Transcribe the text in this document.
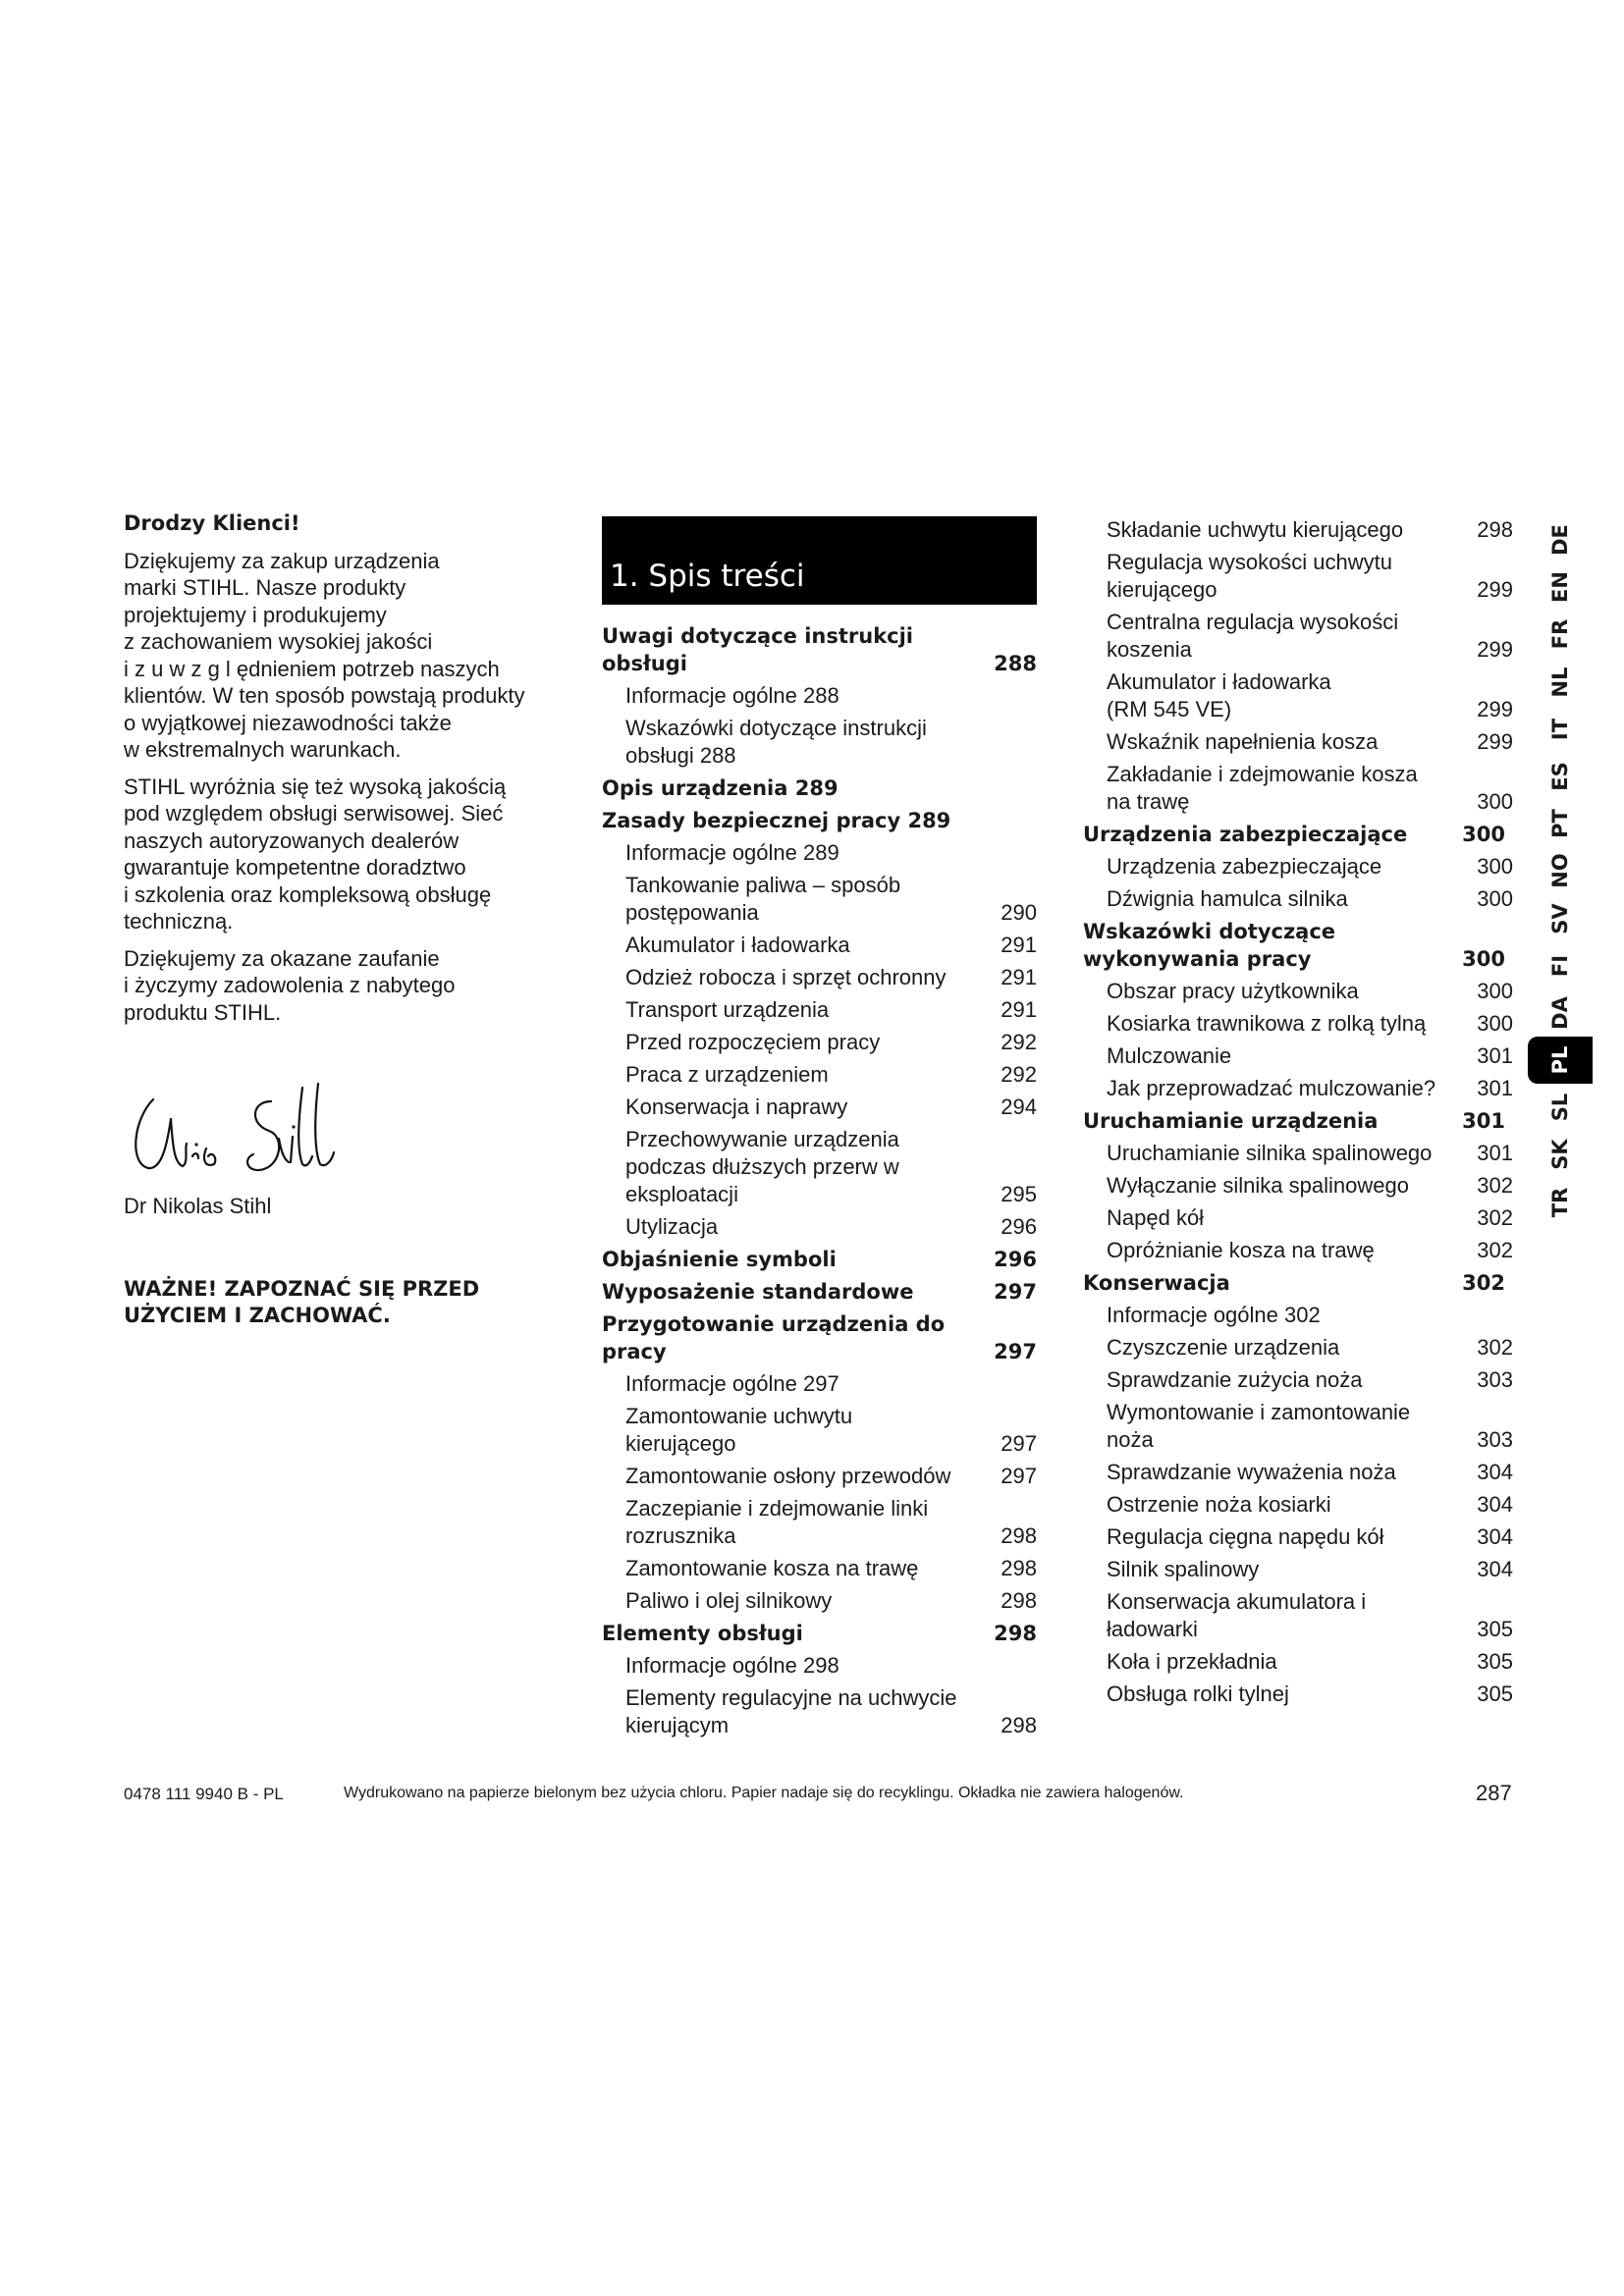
Drodzy Klienci!

Dziękujemy za zakup urządzenia
marki STIHL. Nasze produkty
projektujemy i produkujemy
z zachowaniem wysokiej jakości
i z u w z g l ędnieniem potrzeb naszych
klientów. W ten sposób powstają produkty
o wyjątkowej niezawodności także
w ekstremalnych warunkach.

STIHL wyróżnia się też wysoką jakością
pod względem obsługi serwisowej. Sieć
naszych autoryzowanych dealerów
gwarantuje kompetentne doradztwo
i szkolenia oraz kompleksową obsługę
techniczną.

Dziękujemy za okazane zaufanie
i życzymy zadowolenia z nabytego
produktu STIHL.

Dr Nikolas Stihl
WAŻNE! ZAPOZNAĆ SIĘ PRZED
UŻYCIEM I ZACHOWAĆ.
1. Spis treści
Uwagi dotyczące instrukcji obsługi	288
Informacje ogólne 288
Wskazówki dotyczące instrukcji
obsługi 288
Opis urządzenia 289
Zasady bezpiecznej pracy 289
Informacje ogólne 289
Tankowanie paliwa – sposób
postępowania	290
Akumulator i ładowarka	291
Odzież robocza i sprzęt ochronny	291
Transport urządzenia	291
Przed rozpoczęciem pracy	292
Praca z urządzeniem	292
Konserwacja i naprawy	294
Przechowywanie urządzenia
podczas dłuższych przerw w
eksploatacji	295
Utylizacja	296
Objaśnienie symboli	296
Wyposażenie standardowe	297
Przygotowanie urządzenia do
pracy	297
Informacje ogólne 297
Zamontowanie uchwytu
kierującego	297
Zamontowanie osłony przewodów 297
Zaczepianie i zdejmowanie linki
rozrusznika	298
Zamontowanie kosza na trawę	298
Paliwo i olej silnikowy	298
Elementy obsługi	298
Informacje ogólne 298
Elementy regulacyjne na uchwycie
kierującym	298
Składanie uchwytu kierującego	298
Regulacja wysokości uchwytu
kierującego	299
Centralna regulacja wysokości
koszenia	299
Akumulator i ładowarka
(RM 545 VE)	299
Wskaźnik napełnienia kosza	299
Zakładanie i zdejmowanie kosza
na trawę	300
Urządzenia zabezpieczające	300
Urządzenia zabezpieczające	300
Dźwignia hamulca silnika	300
Wskazówki dotyczące
wykonywania pracy	300
Obszar pracy użytkownika	300
Kosiarka trawnikowa z rolką tylną 300
Mulczowanie	301
Jak przeprowadzać mulczowanie? 301
Uruchamianie urządzenia	301
Uruchamianie silnika spalinowego 301
Wyłączanie silnika spalinowego	302
Napęd kół	302
Opróżnianie kosza na trawę	302
Konserwacja	302
Informacje ogólne 302
Czyszczenie urządzenia	302
Sprawdzanie zużycia noża	303
Wymontowanie i zamontowanie
noża	303
Sprawdzanie wyważenia noża	304
Ostrzenie noża kosiarki	304
Regulacja cięgna napędu kół	304
Silnik spalinowy	304
Konserwacja akumulatora i
ładowarki	305
Koła i przekładnia	305
Obsługa rolki tylnej	305
DE
EN
FR
NL
IT
ES
PT
NO
SV
FI
DA
PL
SL
SK
TR
0478 111 9940 B - PL	Wydrukowano na papierze bielonym bez użycia chloru. Papier nadaje się do recyklingu. Okładka nie zawiera halogenów.	287
